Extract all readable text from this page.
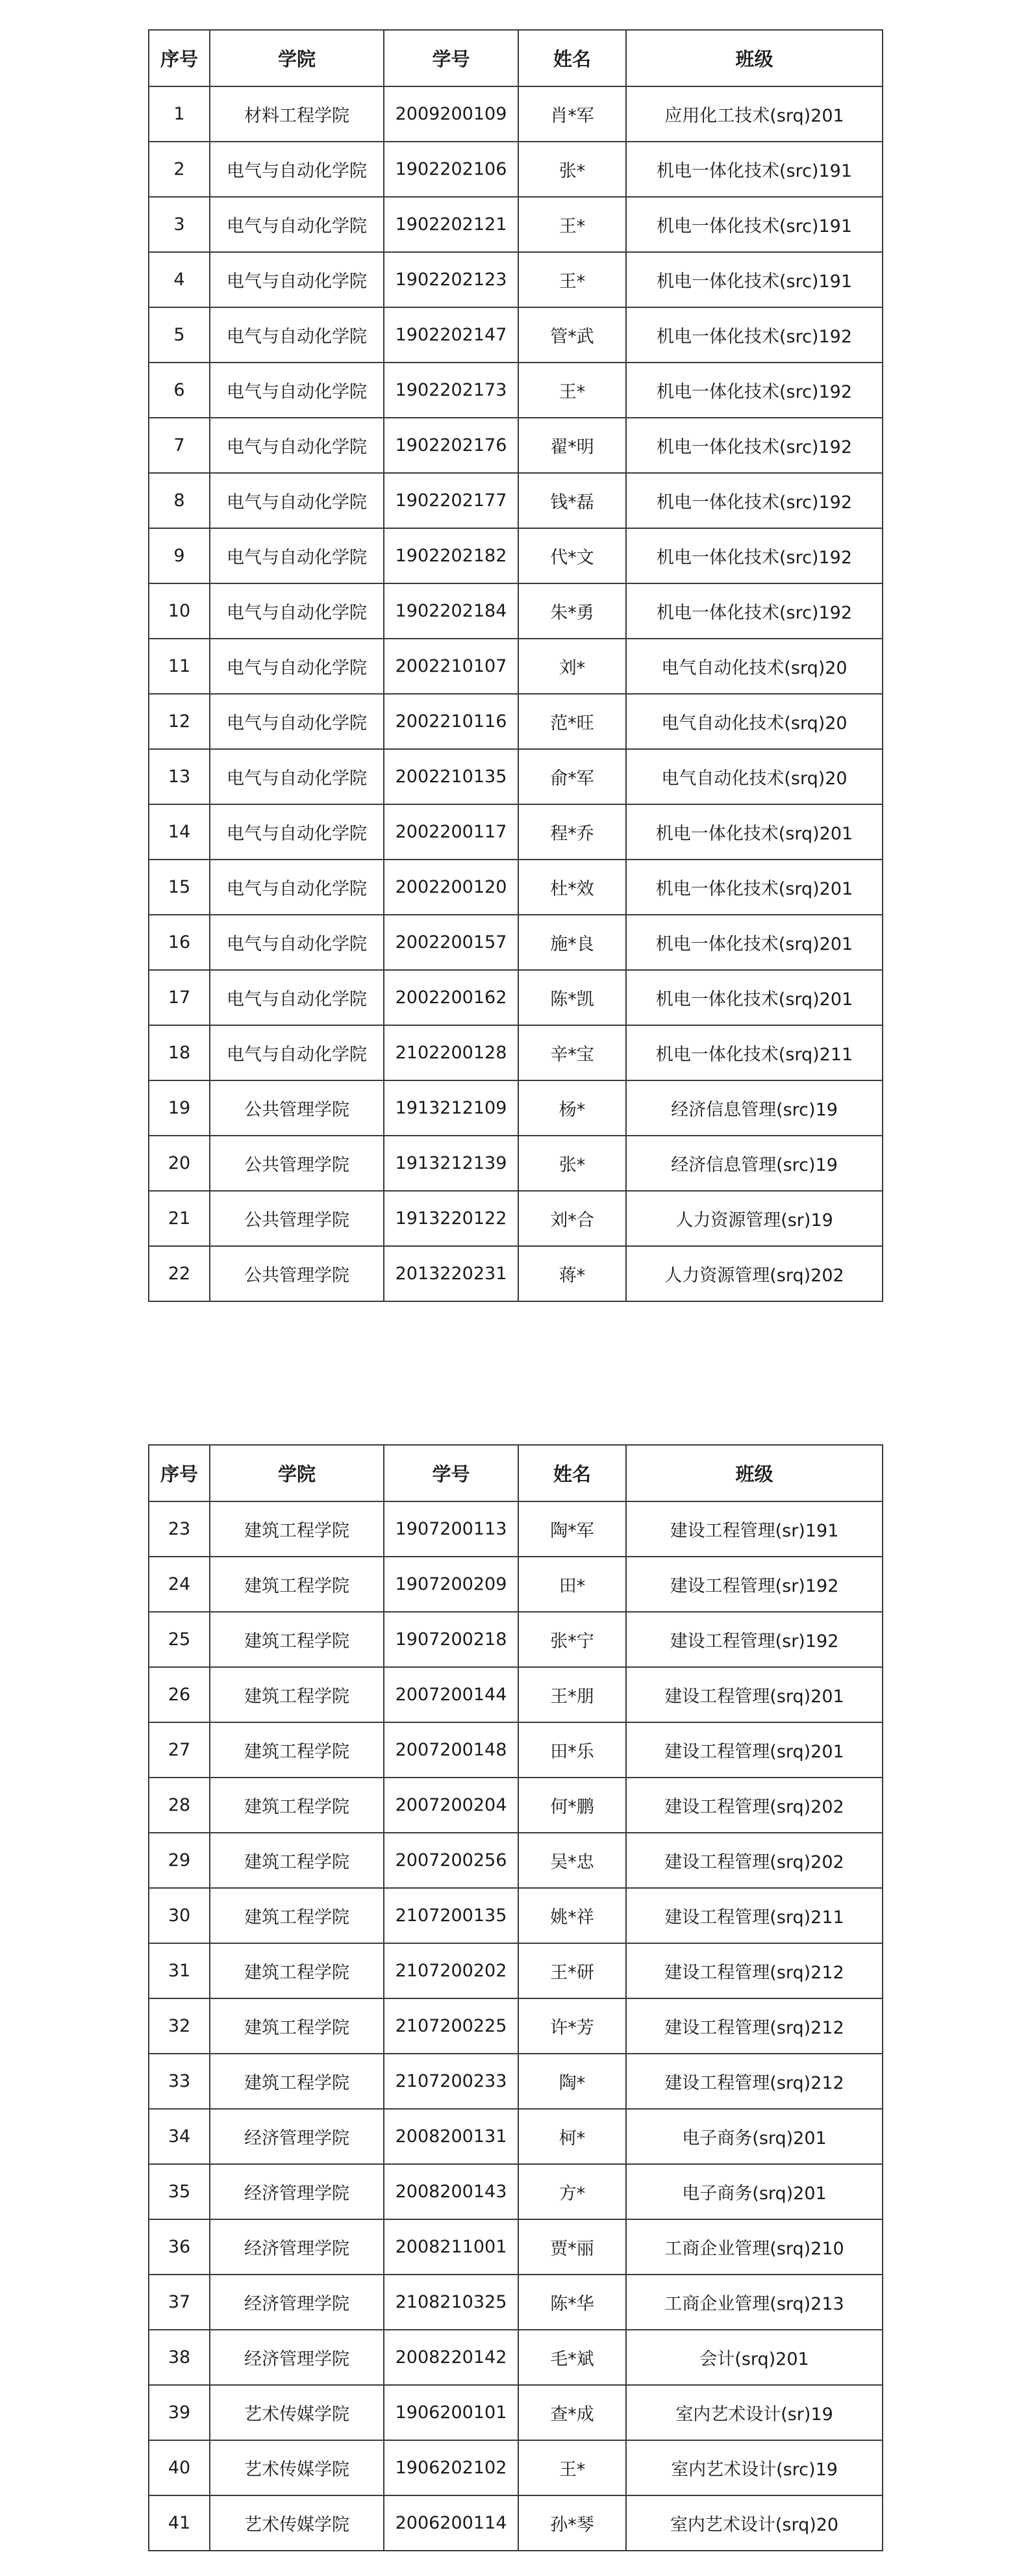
序号	学院	学号	姓名	班级
1	材料工程学院	2009200109	肖*军	应用化工技术(srq)201
2	电气与自动化学院	1902202106	张*	机电一体化技术(src)191
3	电气与自动化学院	1902202121	王*	机电一体化技术(src)191
4	电气与自动化学院	1902202123	王*	机电一体化技术(src)191
5	电气与自动化学院	1902202147	管*武	机电一体化技术(src)192
6	电气与自动化学院	1902202173	王*	机电一体化技术(src)192
7	电气与自动化学院	1902202176	翟*明	机电一体化技术(src)192
8	电气与自动化学院	1902202177	钱*磊	机电一体化技术(src)192
9	电气与自动化学院	1902202182	代*文	机电一体化技术(src)192
10	电气与自动化学院	1902202184	朱*勇	机电一体化技术(src)192
11	电气与自动化学院	2002210107	刘*	电气自动化技术(srq)20
12	电气与自动化学院	2002210116	范*旺	电气自动化技术(srq)20
13	电气与自动化学院	2002210135	俞*军	电气自动化技术(srq)20
14	电气与自动化学院	2002200117	程*乔	机电一体化技术(srq)201
15	电气与自动化学院	2002200120	杜*效	机电一体化技术(srq)201
16	电气与自动化学院	2002200157	施*良	机电一体化技术(srq)201
17	电气与自动化学院	2002200162	陈*凯	机电一体化技术(srq)201
18	电气与自动化学院	2102200128	辛*宝	机电一体化技术(srq)211
19	公共管理学院	1913212109	杨*	经济信息管理(src)19
20	公共管理学院	1913212139	张*	经济信息管理(src)19
21	公共管理学院	1913220122	刘*合	人力资源管理(sr)19
22	公共管理学院	2013220231	蒋*	人力资源管理(srq)202
序号	学院	学号	姓名	班级
23	建筑工程学院	1907200113	陶*军	建设工程管理(sr)191
24	建筑工程学院	1907200209	田*	建设工程管理(sr)192
25	建筑工程学院	1907200218	张*宁	建设工程管理(sr)192
26	建筑工程学院	2007200144	王*朋	建设工程管理(srq)201
27	建筑工程学院	2007200148	田*乐	建设工程管理(srq)201
28	建筑工程学院	2007200204	何*鹏	建设工程管理(srq)202
29	建筑工程学院	2007200256	吴*忠	建设工程管理(srq)202
30	建筑工程学院	2107200135	姚*祥	建设工程管理(srq)211
31	建筑工程学院	2107200202	王*研	建设工程管理(srq)212
32	建筑工程学院	2107200225	许*芳	建设工程管理(srq)212
33	建筑工程学院	2107200233	陶*	建设工程管理(srq)212
34	经济管理学院	2008200131	柯*	电子商务(srq)201
35	经济管理学院	2008200143	方*	电子商务(srq)201
36	经济管理学院	2008211001	贾*丽	工商企业管理(srq)210
37	经济管理学院	2108210325	陈*华	工商企业管理(srq)213
38	经济管理学院	2008220142	毛*斌	会计(srq)201
39	艺术传媒学院	1906200101	查*成	室内艺术设计(sr)19
40	艺术传媒学院	1906202102	王*	室内艺术设计(src)19
41	艺术传媒学院	2006200114	孙*琴	室内艺术设计(srq)20
